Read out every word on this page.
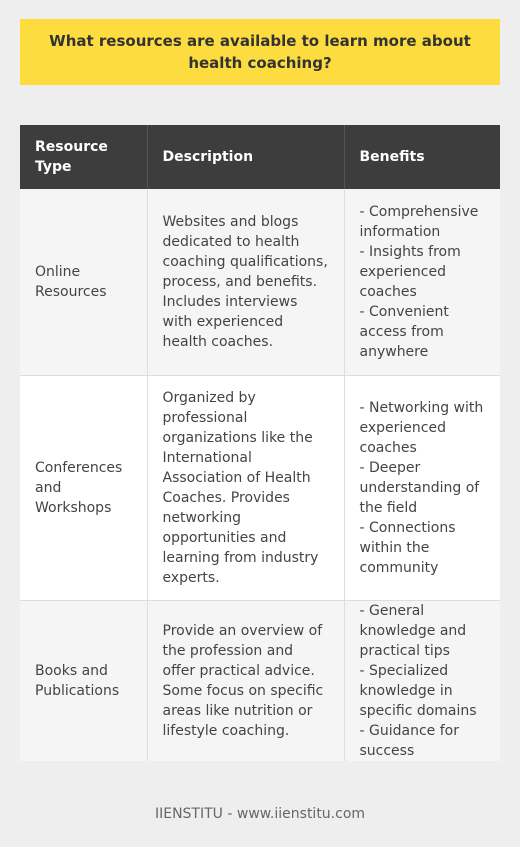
What resources are available to learn more about health coaching?
Resource Type	Description	Benefits
Online Resources	Websites and blogs dedicated to health coaching qualifications, process, and benefits. Includes interviews with experienced health coaches.	- Comprehensive information
- Insights from experienced coaches
- Convenient access from anywhere

Conferences and Workshops	Organized by professional organizations like the International Association of Health Coaches. Provides networking opportunities and learning from industry experts.	- Networking with experienced coaches
- Deeper understanding of the field
- Connections within the community

Books and Publications	Provide an overview of the profession and offer practical advice. Some focus on specific areas like nutrition or lifestyle coaching.	- General knowledge and practical tips
- Specialized knowledge in specific domains
- Guidance for success
IIENSTITU - www.iienstitu.com
